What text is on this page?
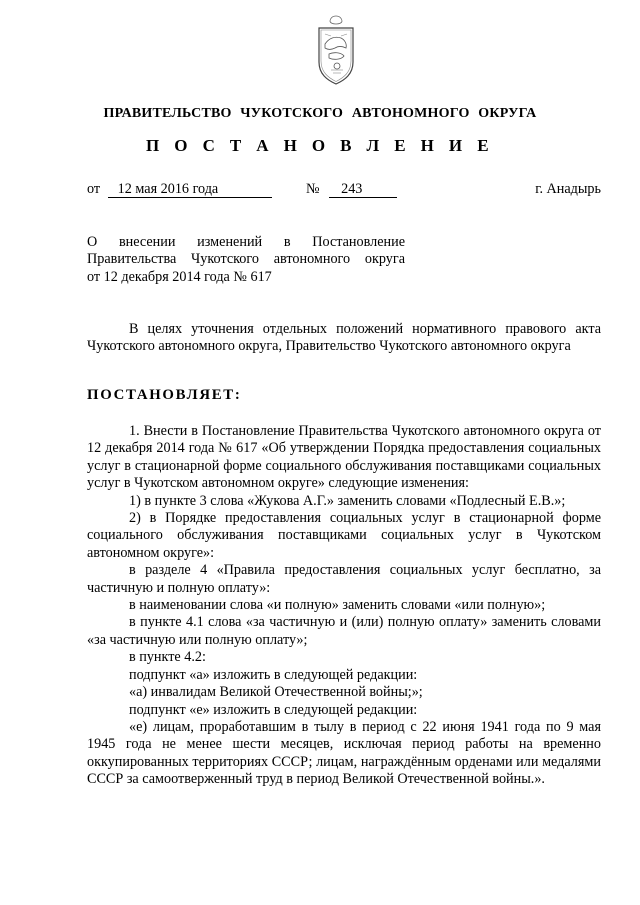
ПРАВИТЕЛЬСТВО ЧУКОТСКОГО АВТОНОМНОГО ОКРУГА
П О С Т А Н О В Л Е Н И Е
от 12 мая 2016 года	№ 243	г. Анадырь
О внесении изменений в Постановление
Правительства Чукотского автономного округа
от 12 декабря 2014 года № 617

В целях уточнения отдельных положений нормативного правового акта Чукотского автономного округа, Правительство Чукотского автономного округа

ПОСТАНОВЛЯЕТ:

1. Внести в Постановление Правительства Чукотского автономного округа от 12 декабря 2014 года № 617 «Об утверждении Порядка предоставления социальных услуг в стационарной форме социального обслуживания поставщиками социальных услуг в Чукотском автономном округе» следующие изменения:

1) в пункте 3 слова «Жукова А.Г.» заменить словами «Подлесный Е.В.»;

2) в Порядке предоставления социальных услуг в стационарной форме социального обслуживания поставщиками социальных услуг в Чукотском автономном округе»:

в разделе 4 «Правила предоставления социальных услуг бесплатно, за частичную и полную оплату»:

в наименовании слова «и полную» заменить словами «или полную»;

в пункте 4.1 слова «за частичную и (или) полную оплату» заменить словами «за частичную или полную оплату»;

в пункте 4.2:

подпункт «а» изложить в следующей редакции:

«а) инвалидам Великой Отечественной войны;»;

подпункт «е» изложить в следующей редакции:

«е) лицам, проработавшим в тылу в период с 22 июня 1941 года по 9 мая 1945 года не менее шести месяцев, исключая период работы на временно оккупированных территориях СССР; лицам, награждённым орденами или медалями СССР за самоотверженный труд в период Великой Отечественной войны.».
